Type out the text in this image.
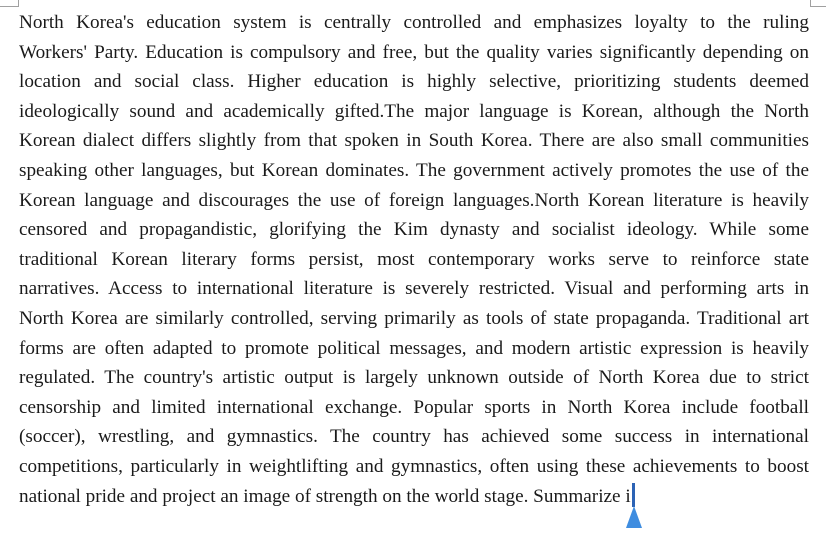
North Korea's education system is centrally controlled and emphasizes loyalty to the ruling
Workers' Party. Education is compulsory and free, but the quality varies significantly depending on
location and social class. Higher education is highly selective, prioritizing students deemed
ideologically sound and academically gifted.The major language is Korean, although the North
Korean dialect differs slightly from that spoken in South Korea. There are also small communities
speaking other languages, but Korean dominates. The government actively promotes the use of the
Korean language and discourages the use of foreign languages.North Korean literature is heavily
censored and propagandistic, glorifying the Kim dynasty and socialist ideology. While some
traditional Korean literary forms persist, most contemporary works serve to reinforce state
narratives. Access to international literature is severely restricted. Visual and performing arts in
North Korea are similarly controlled, serving primarily as tools of state propaganda. Traditional art
forms are often adapted to promote political messages, and modern artistic expression is heavily
regulated. The country's artistic output is largely unknown outside of North Korea due to strict
censorship and limited international exchange. Popular sports in North Korea include football
(soccer), wrestling, and gymnastics. The country has achieved some success in international
competitions, particularly in weightlifting and gymnastics, often using these achievements to boost
national pride and project an image of strength on the world stage. Summarize i
